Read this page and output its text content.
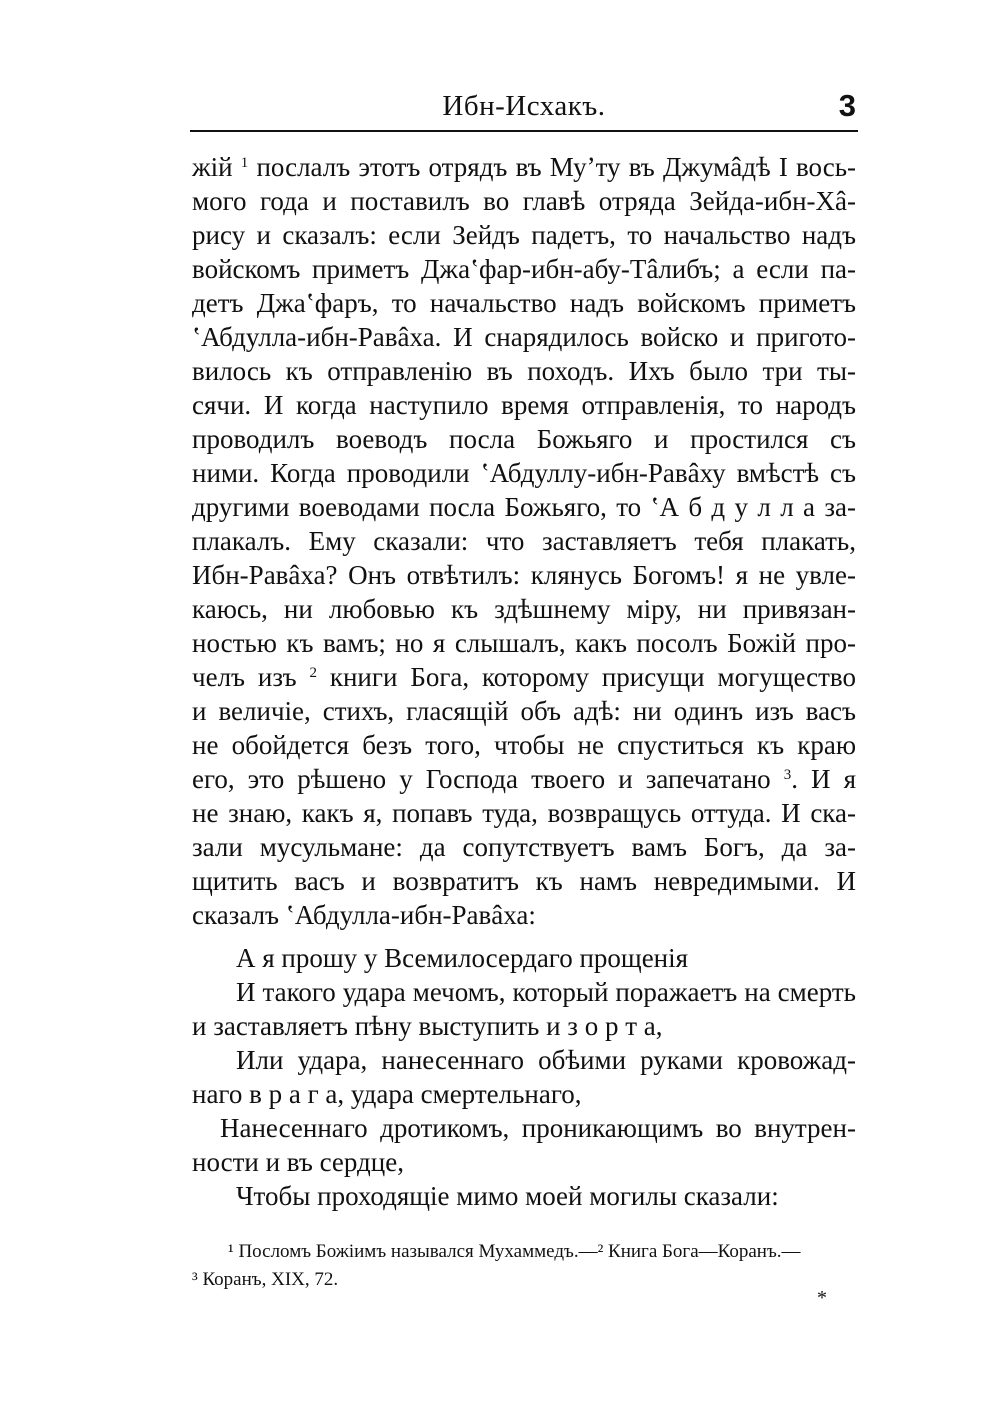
Ибн-Исхакъ.	3
жій $^1$ послалъ этотъ отрядъ въ Муʼту въ Джумâдѣ I вось-
мого года и поставилъ во главѣ отряда Зейда-ибн-Хâ-
рису и сказалъ: если Зейдъ падетъ, то начальство надъ
войскомъ приметъ Джаʽфар-ибн-абу-Тâлибъ; а если па-
детъ Джаʽфаръ, то начальство надъ войскомъ приметъ
ʽАбдулла-ибн-Равâха. И снарядилось войско и пригото-
вилось къ отправленію въ походъ. Ихъ было три ты-
сячи. И когда наступило время отправленія, то народъ
проводилъ воеводъ посла Божьяго и простился съ
ними. Когда проводили ʽАбдуллу-ибн-Равâху вмѣстѣ съ
другими воеводами посла Божьяго, то ʽА б д у л л а за-
плакалъ. Ему сказали: что заставляетъ тебя плакать,
Ибн-Равâха? Онъ отвѣтилъ: клянусь Богомъ! я не увле-
каюсь, ни любовью къ здѣшнему міру, ни привязан-
ностью къ вамъ; но я слышалъ, какъ посолъ Божій про-
челъ изъ $^2$ книги Бога, которому присущи могущество
и величіе, стихъ, гласящій объ адѣ: ни одинъ изъ васъ
не обойдется безъ того, чтобы не спуститься къ краю
его, это рѣшено у Господа твоего и запечатано $^3$. И я
не знаю, какъ я, попавъ туда, возвращусь оттуда. И ска-
зали мусульмане: да сопутствуетъ вамъ Богъ, да за-
щитить васъ и возвратитъ къ намъ невредимыми. И
сказалъ ʽАбдулла-ибн-Равâха:
А я прошу у Всемилосердаго прощенія
И такого удара мечомъ, который поражаетъ на смерть
и заставляетъ пѣну выступить и з о р т а,
Или удара, нанесеннаго обѣими руками кровожад-
наго в р а г а, удара смертельнаго,
Нанесеннаго дротикомъ, проникающимъ во внутрен-
ности и въ сердце,
Чтобы проходящіе мимо моей могилы сказали:
¹ Посломъ Божіимъ назывался Мухаммедъ.—² Книга Бога—Коранъ.—
³ Коранъ, XIX, 72.
*
